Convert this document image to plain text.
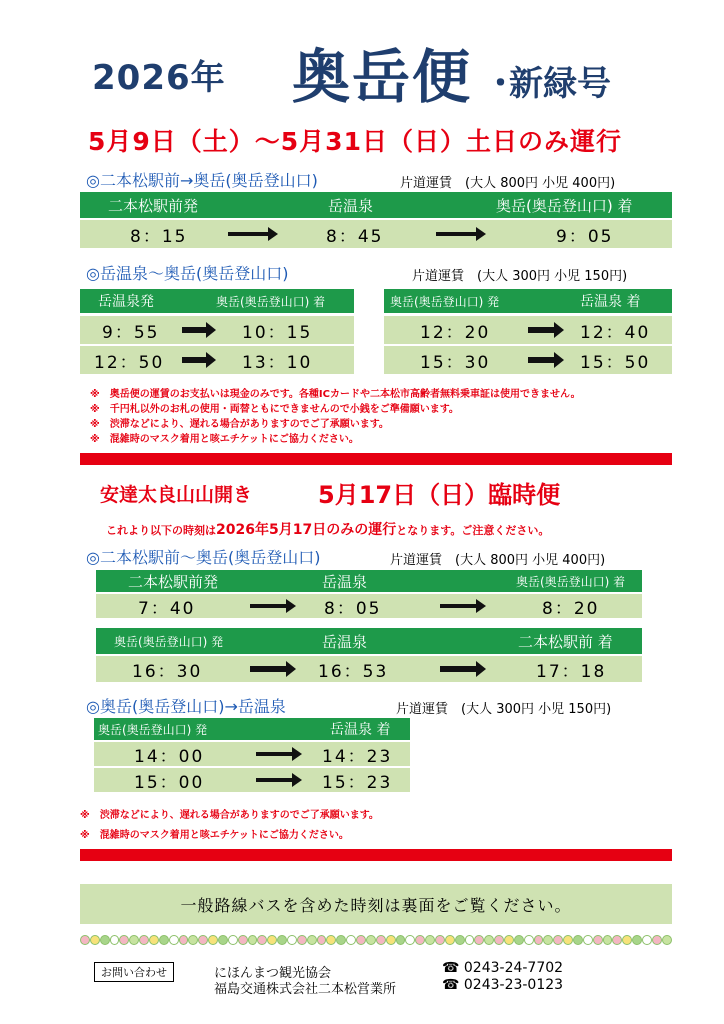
2026年 奥岳便 ･新緑号
5月9日（土）～5月31日（日）土日のみ運行
◎二本松駅前→奥岳(奥岳登山口)	片道運賃　(大人 800円 小児 400円)
二本松駅前発	岳温泉	奥岳(奥岳登山口) 着
8：15	8：45	9：05
◎岳温泉～奥岳(奥岳登山口)	片道運賃　(大人 300円 小児 150円)
岳温泉発	奥岳(奥岳登山口) 着
9：55	10：15
12：50	13：10
奥岳(奥岳登山口) 発	岳温泉 着
12：20	12：40
15：30	15：50
※　奥岳便の運賃のお支払いは現金のみです。各種ICカードや二本松市高齢者無料乗車証は使用できません。
※　千円札以外のお札の使用・両替ともにできませんので小銭をご準備願います。
※　渋滞などにより、遅れる場合がありますのでご了承願います。
※　混雑時のマスク着用と咳エチケットにご協力ください。
安達太良山山開き	5月17日（日）臨時便
これより以下の時刻は2026年5月17日のみの運行となります。ご注意ください。
◎二本松駅前～奥岳(奥岳登山口)	片道運賃　(大人 800円 小児 400円)
二本松駅前発	岳温泉	奥岳(奥岳登山口) 着
7：40	8：05	8：20
奥岳(奥岳登山口) 発	岳温泉	二本松駅前 着
16：30	16：53	17：18
◎奥岳(奥岳登山口)→岳温泉	片道運賃　(大人 300円 小児 150円)
奥岳(奥岳登山口) 発	岳温泉 着
14：00	14：23
15：00	15：23
※　渋滞などにより、遅れる場合がありますのでご了承願います。
※　混雑時のマスク着用と咳エチケットにご協力ください。
一般路線バスを含めた時刻は裏面をご覧ください。
お問い合わせ	にほんまつ観光協会
福島交通株式会社二本松営業所
☎ 0243-24-7702
☎ 0243-23-0123
